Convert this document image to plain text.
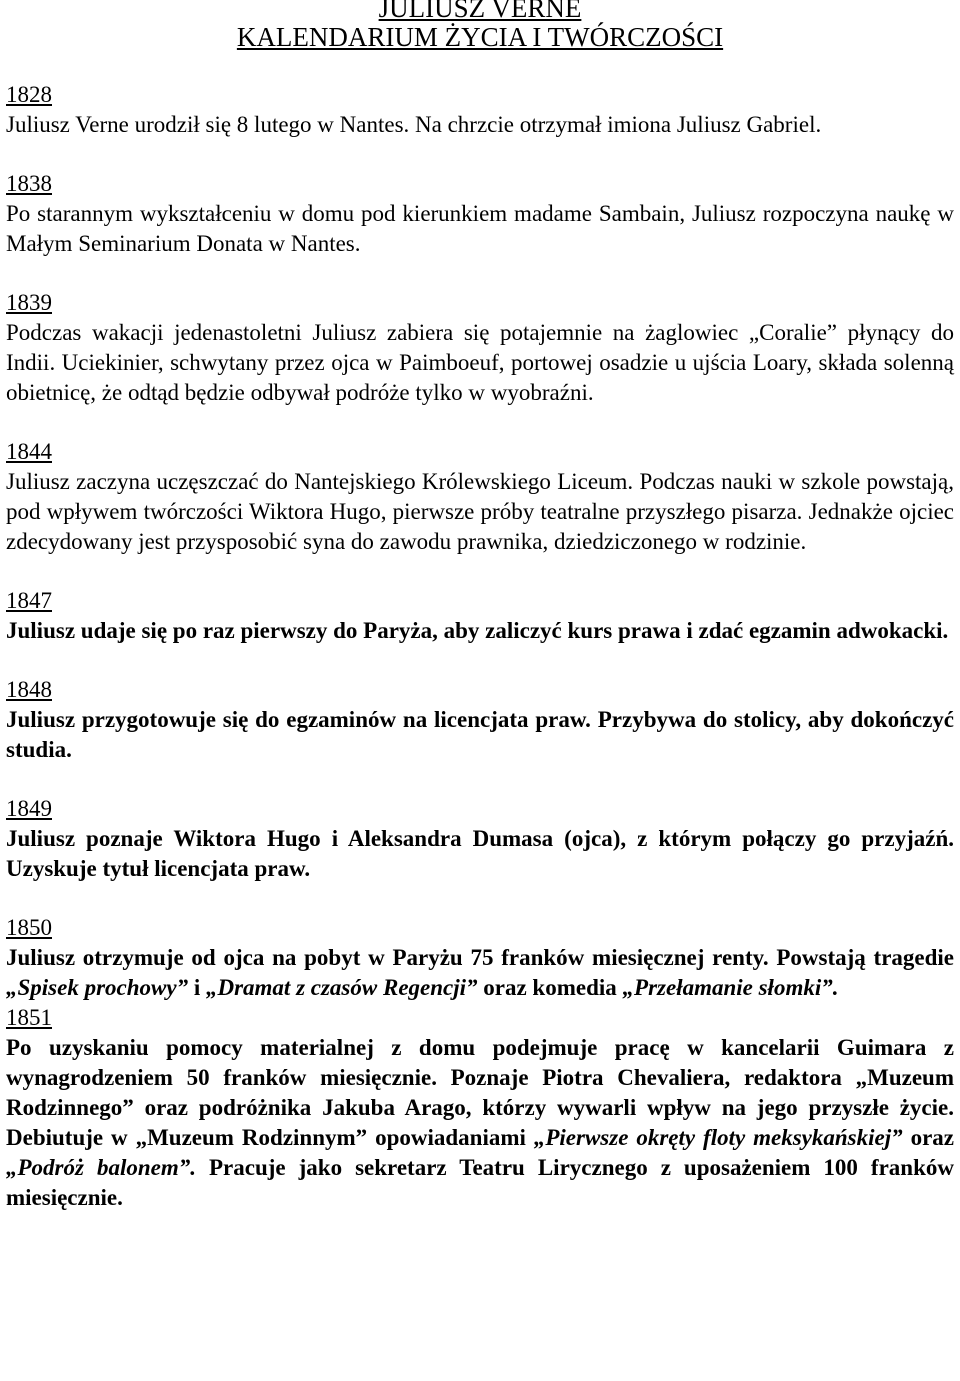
JULIUSZ VERNE

KALENDARIUM ŻYCIA I TWÓRCZOŚCI

1828

Juliusz Verne urodził się 8 lutego w Nantes. Na chrzcie otrzymał imiona Juliusz Gabriel.

1838

Po starannym wykształceniu w domu pod kierunkiem madame Sambain, Juliusz rozpoczyna naukę w Małym Seminarium Donata w Nantes.

1839

Podczas wakacji jedenastoletni Juliusz zabiera się potajemnie na żaglowiec „Coralie” płynący do Indii. Uciekinier, schwytany przez ojca w Paimboeuf, portowej osadzie u ujścia Loary, składa solenną obietnicę, że odtąd będzie odbywał podróże tylko w wyobraźni.

1844

Juliusz zaczyna uczęszczać do Nantejskiego Królewskiego Liceum. Podczas nauki w szkole powstają, pod wpływem twórczości Wiktora Hugo, pierwsze próby teatralne przyszłego pisarza. Jednakże ojciec zdecydowany jest przysposobić syna do zawodu prawnika, dziedziczonego w rodzinie.

1847

Juliusz udaje się po raz pierwszy do Paryża, aby zaliczyć kurs prawa i zdać egzamin adwokacki.

1848

Juliusz przygotowuje się do egzaminów na licencjata praw. Przybywa do stolicy, aby dokończyć studia.

1849

Juliusz poznaje Wiktora Hugo i Aleksandra Dumasa (ojca), z którym połączy go przyjaźń. Uzyskuje tytuł licencjata praw.

1850

Juliusz otrzymuje od ojca na pobyt w Paryżu 75 franków miesięcznej renty. Powstają tragedie „Spisek prochowy” i „Dramat z czasów Regencji” oraz komedia „Przełamanie słomki”.

1851

Po uzyskaniu pomocy materialnej z domu podejmuje pracę w kancelarii Guimara z wynagrodzeniem 50 franków miesięcznie. Poznaje Piotra Chevaliera, redaktora „Muzeum Rodzinnego” oraz podróżnika Jakuba Arago, którzy wywarli wpływ na jego przyszłe życie. Debiutuje w „Muzeum Rodzinnym” opowiadaniami „Pierwsze okręty floty meksykańskiej” oraz „Podróż balonem”. Pracuje jako sekretarz Teatru Lirycznego z uposażeniem 100 franków miesięcznie.
